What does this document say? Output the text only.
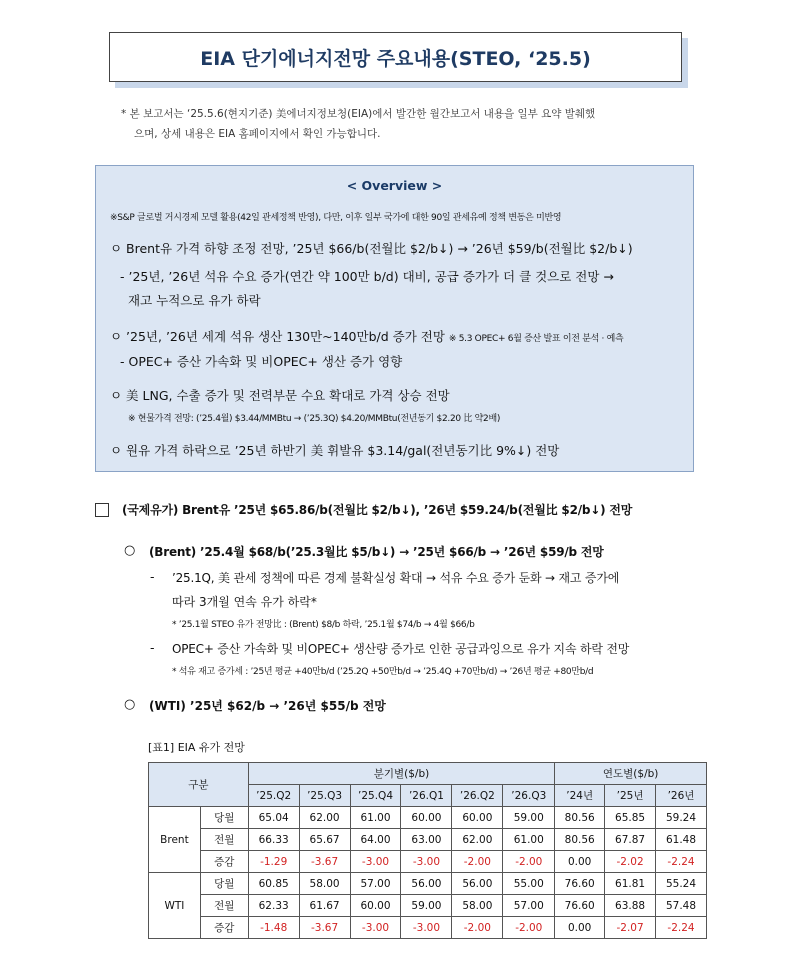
EIA 단기에너지전망 주요내용(STEO, ‘25.5)
* 본 보고서는 ‘25.5.6(현지기준) 美에너지정보청(EIA)에서 발간한 월간보고서 내용을 일부 요약 발췌했
으며, 상세 내용은 EIA 홈페이지에서 확인 가능합니다.
< Overview >
※S&P 글로벌 거시경제 모델 활용(42일 관세정책 반영), 다만, 이후 일부 국가에 대한 90일 관세유예 정책 변동은 미반영
ㅇ Brent유 가격 하향 조정 전망, ’25년 $66/b(전월比 $2/b↓) → ’26년 $59/b(전월比 $2/b↓)
- ’25년, ’26년 석유 수요 증가(연간 약 100만 b/d) 대비, 공급 증가가 더 클 것으로 전망 →
재고 누적으로 유가 하락
ㅇ ’25년, ’26년 세계 석유 생산 130만~140만b/d 증가 전망 ※ 5.3 OPEC+ 6월 증산 발표 이전 분석 · 예측
- OPEC+ 증산 가속화 및 비OPEC+ 생산 증가 영향
ㅇ 美 LNG, 수출 증가 및 전력부문 수요 확대로 가격 상승 전망
※ 현물가격 전망: (’25.4월) $3.44/MMBtu → (’25.3Q) $4.20/MMBtu(전년동기 $2.20 比 약2배)
ㅇ 원유 가격 하락으로 ’25년 하반기 美 휘발유 $3.14/gal(전년동기比 9%↓) 전망
(국제유가) Brent유 ’25년 $65.86/b(전월比 $2/b↓), ’26년 $59.24/b(전월比 $2/b↓) 전망
○ (Brent) ’25.4월 $68/b(’25.3월比 $5/b↓) → ’25년 $66/b → ’26년 $59/b 전망
- ’25.1Q, 美 관세 정책에 따른 경제 불확실성 확대 → 석유 수요 증가 둔화 → 재고 증가에
따라 3개월 연속 유가 하락*
* ’25.1월 STEO 유가 전망比 : (Brent) $8/b 하락, ’25.1월 $74/b → 4월 $66/b
- OPEC+ 증산 가속화 및 비OPEC+ 생산량 증가로 인한 공급과잉으로 유가 지속 하락 전망
* 석유 재고 증가세 : ’25년 평균 +40만b/d (’25.2Q +50만b/d → ’25.4Q +70만b/d) → ’26년 평균 +80만b/d
○ (WTI) ’25년 $62/b → ’26년 $55/b 전망
[표1] EIA 유가 전망
구분		분기별($/b)						연도별($/b)		
		’25.Q2	’25.Q3	’25.Q4	’26.Q1	’26.Q2	’26.Q3	’24년	’25년	’26년
Brent	당월	65.04	62.00	61.00	60.00	60.00	59.00	80.56	65.85	59.24
	전월	66.33	65.67	64.00	63.00	62.00	61.00	80.56	67.87	61.48
	증감	-1.29	-3.67	-3.00	-3.00	-2.00	-2.00	0.00	-2.02	-2.24
WTI	당월	60.85	58.00	57.00	56.00	56.00	55.00	76.60	61.81	55.24
	전월	62.33	61.67	60.00	59.00	58.00	57.00	76.60	63.88	57.48
	증감	-1.48	-3.67	-3.00	-3.00	-2.00	-2.00	0.00	-2.07	-2.24
